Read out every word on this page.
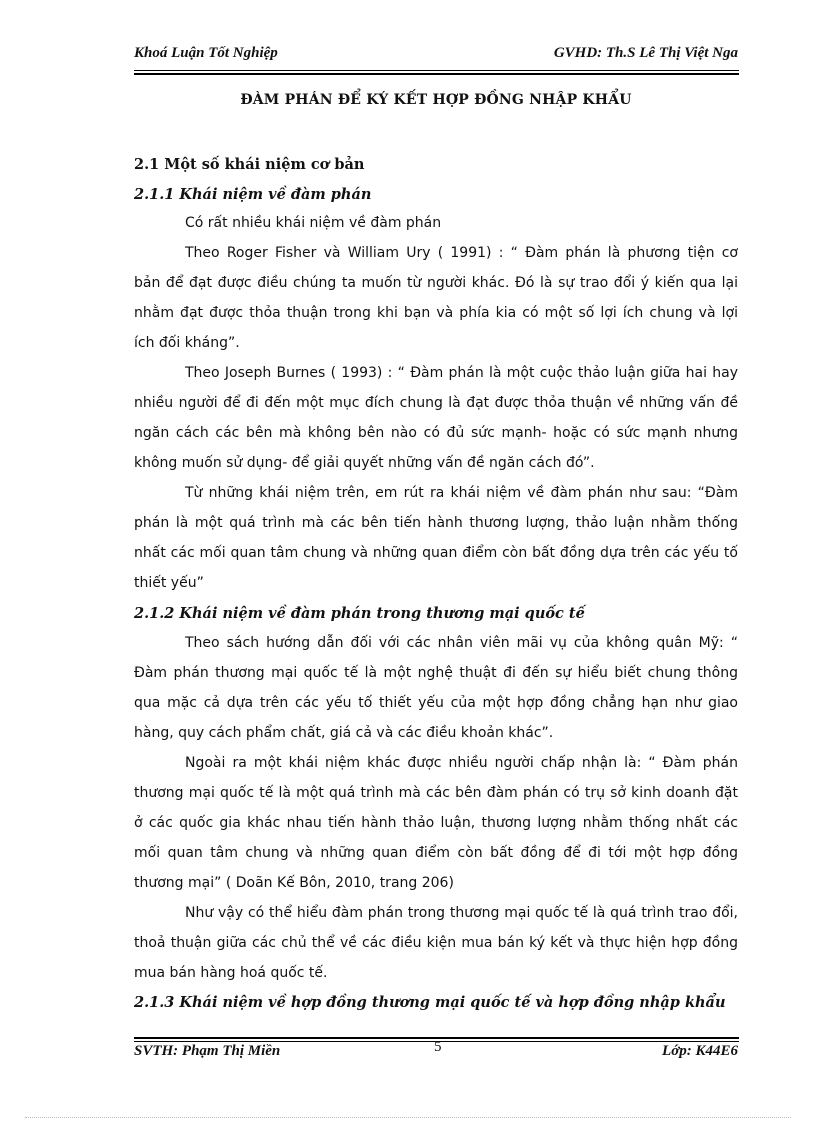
Khoá Luận Tốt Nghiệp	GVHD: Th.S Lê Thị Việt Nga
ĐÀM PHÁN ĐỂ KÝ KẾT HỢP ĐỒNG NHẬP KHẨU
2.1 Một số khái niệm cơ bản
2.1.1 Khái niệm về đàm phán
Có rất nhiều khái niệm về đàm phán
Theo Roger Fisher và William Ury ( 1991) : “ Đàm phán là phương tiện cơ
bản để đạt được điều chúng ta muốn từ người khác. Đó là sự trao đổi ý kiến qua lại
nhằm đạt được thỏa thuận trong khi bạn và phía kia có một số lợi ích chung và lợi
ích đối kháng”.
Theo Joseph Burnes ( 1993) : “ Đàm phán là một cuộc thảo luận giữa hai hay
nhiều người để đi đến một mục đích chung là đạt được thỏa thuận về những vấn đề
ngăn cách các bên mà không bên nào có đủ sức mạnh- hoặc có sức mạnh nhưng
không muốn sử dụng- để giải quyết những vấn đề ngăn cách đó”.
Từ những khái niệm trên, em rút ra khái niệm về đàm phán như sau: “Đàm
phán là một quá trình mà các bên tiến hành thương lượng, thảo luận nhằm thống
nhất các mối quan tâm chung và những quan điểm còn bất đồng dựa trên các yếu tố
thiết yếu”
2.1.2 Khái niệm về đàm phán trong thương mại quốc tế
Theo sách hướng dẫn đối với các nhân viên mãi vụ của không quân Mỹ: “
Đàm phán thương mại quốc tế là một nghệ thuật đi đến sự hiểu biết chung thông
qua mặc cả dựa trên các yếu tố thiết yếu của một hợp đồng chẳng hạn như giao
hàng, quy cách phẩm chất, giá cả và các điều khoản khác”.
Ngoài ra một khái niệm khác được nhiều người chấp nhận là: “ Đàm phán
thương mại quốc tế là một quá trình mà các bên đàm phán có trụ sở kinh doanh đặt
ở các quốc gia khác nhau tiến hành thảo luận, thương lượng nhằm thống nhất các
mối quan tâm chung và những quan điểm còn bất đồng để đi tới một hợp đồng
thương mại” ( Doãn Kế Bôn, 2010, trang 206)
Như vậy có thể hiểu đàm phán trong thương mại quốc tế là quá trình trao đổi,
thoả thuận giữa các chủ thể về các điều kiện mua bán ký kết và thực hiện hợp đồng
mua bán hàng hoá quốc tế.
2.1.3 Khái niệm về hợp đồng thương mại quốc tế và hợp đồng nhập khẩu
SVTH: Phạm Thị Miền	5	Lớp: K44E6
